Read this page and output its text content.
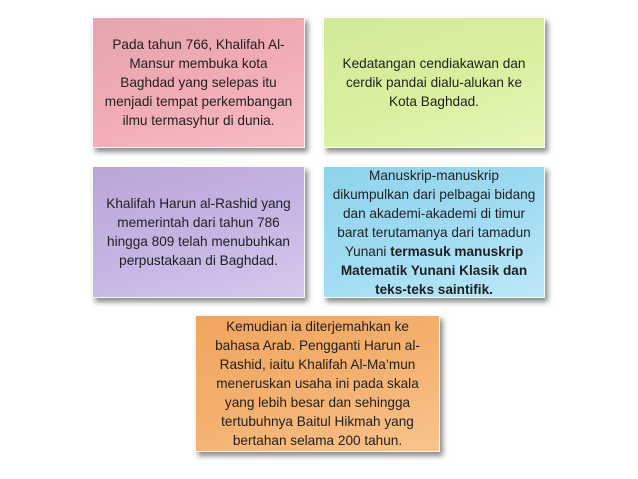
Pada tahun 766, Khalifah Al-Mansur membuka kota Baghdad yang selepas itu menjadi tempat perkembangan ilmu termasyhur di dunia.

Kedatangan cendiakawan dan cerdik pandai dialu-alukan ke Kota Baghdad.

Khalifah Harun al-Rashid yang memerintah dari tahun 786 hingga 809 telah menubuhkan perpustakaan di Baghdad.

Manuskrip-manuskrip dikumpulkan dari pelbagai bidang dan akademi-akademi di timur barat terutamanya dari tamadun Yunani termasuk manuskrip Matematik Yunani Klasik dan teks-teks saintifik.

Kemudian ia diterjemahkan ke bahasa Arab. Pengganti Harun al-Rashid, iaitu Khalifah Al-Ma’mun meneruskan usaha ini pada skala yang lebih besar dan sehingga tertubuhnya Baitul Hikmah yang bertahan selama 200 tahun.
